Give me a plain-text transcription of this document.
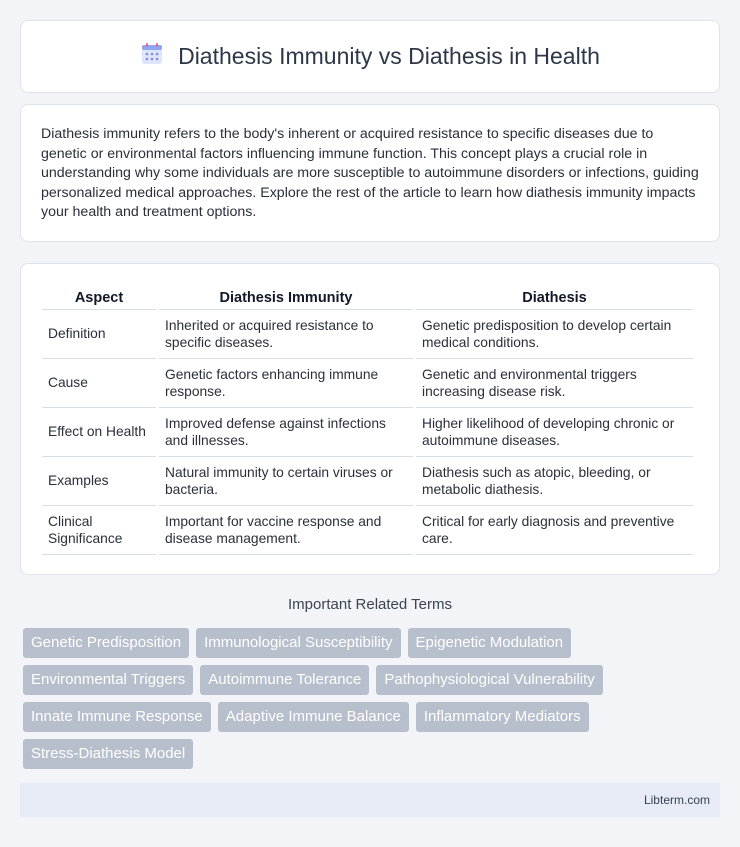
Diathesis Immunity vs Diathesis in Health

Diathesis immunity refers to the body's inherent or acquired resistance to specific diseases due to genetic or environmental factors influencing immune function. This concept plays a crucial role in understanding why some individuals are more susceptible to autoimmune disorders or infections, guiding personalized medical approaches. Explore the rest of the article to learn how diathesis immunity impacts your health and treatment options.

Aspect	Diathesis Immunity	Diathesis
Definition	Inherited or acquired resistance to specific diseases.	Genetic predisposition to develop certain medical conditions.
Cause	Genetic factors enhancing immune response.	Genetic and environmental triggers increasing disease risk.
Effect on Health	Improved defense against infections and illnesses.	Higher likelihood of developing chronic or autoimmune diseases.
Examples	Natural immunity to certain viruses or bacteria.	Diathesis such as atopic, bleeding, or metabolic diathesis.
Clinical Significance	Important for vaccine response and disease management.	Critical for early diagnosis and preventive care.
Important Related Terms
Genetic Predisposition	Immunological Susceptibility	Epigenetic Modulation
Environmental Triggers	Autoimmune Tolerance	Pathophysiological Vulnerability
Innate Immune Response	Adaptive Immune Balance	Inflammatory Mediators
Stress-Diathesis Model
Libterm.com
